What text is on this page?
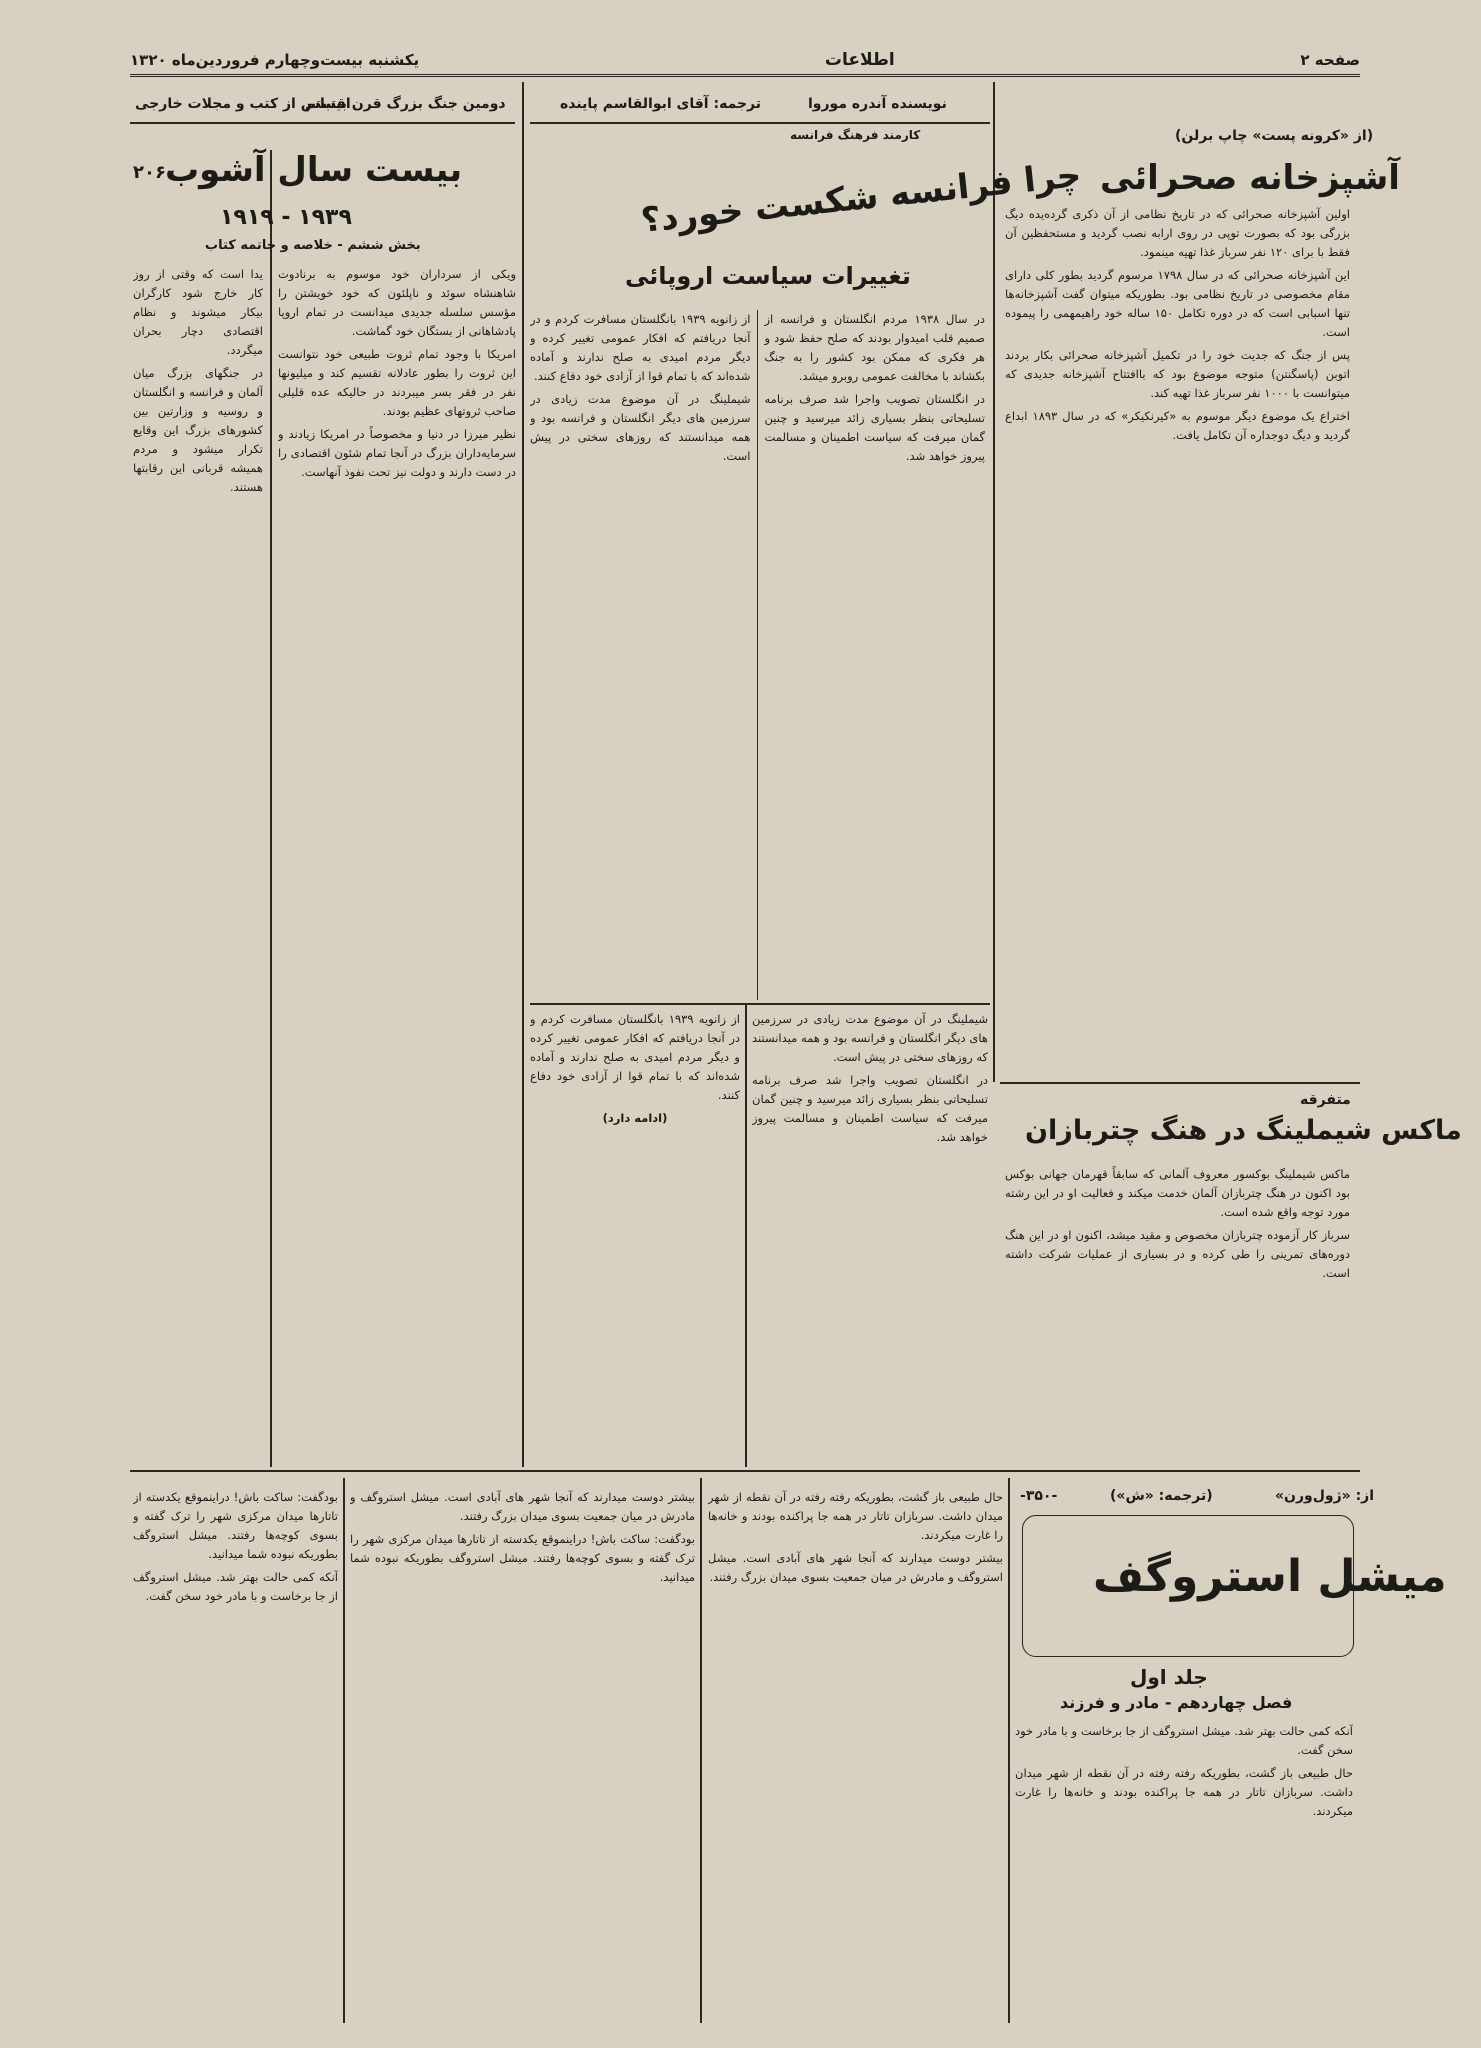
صفحه ۲
اطلاعات
یکشنبه بیست‌وچهارم فروردین‌ماه ۱۳۲۰
(از «کرونه پست» چاپ برلن)
آشپزخانه صحرائی

اولین آشپزخانه صحرائی که در تاریخ نظامی از آن ذکری گرده‌یده دیگ بزرگی بود که بصورت توپی در روی ارابه نصب گردید و مستحفظین آن فقط با برای ۱۲۰ نفر سرباز غذا تهیه مینمود.

این آشپزخانه صحرائی که در سال ۱۷۹۸ مرسوم گردید بطور کلی دارای مقام مخصوصی در تاریخ نظامی بود. بطوریکه میتوان گفت آشپزخانه‌ها تنها اسبابی است که در دوره تکامل ۱۵۰ ساله خود راهیمهمی را پیموده است.

پس از جنگ که جدیت خود را در تکمیل آشپزخانه صحرائی بکار بردند اتوبن (پاسگنتن) متوجه موضوع بود که باافتتاح آشپزخانه جدیدی که میتوانست با ۱۰۰۰ نفر سرباز غذا تهیه کند.

اختراع یک موضوع دیگر موسوم به «کیرنکیکر» که در سال ۱۸۹۳ ابداع گردید و دیگ دوجداره آن تکامل یافت.

متفرقه
ماکس شیملینگ در هنگ چتربازان

ماکس شیملینگ بوکسور معروف آلمانی که سابقاً قهرمان جهانی بوکس بود اکنون در هنگ چتربازان آلمان خدمت میکند و فعالیت او در این رشته مورد توجه واقع شده است.

سرباز کار آزموده چتربازان مخصوص و مقید میشد، اکنون او در این هنگ دوره‌های تمرینی را طی کرده و در بسیاری از عملیات شرکت داشته است.

نویسنده آندره موروا
ترجمه: آقای ابوالقاسم پاینده
کارمند فرهنگ فرانسه
چرا فرانسه شکست خورد؟
تغییرات سیاست اروپائی

در سال ۱۹۳۸ مردم انگلستان و فرانسه از صمیم قلب امیدوار بودند که صلح حفظ شود و هر فکری که ممکن بود کشور را به جنگ بکشاند با مخالفت عمومی روبرو میشد.

در انگلستان تصویب واجرا شد صرف برنامه تسلیحاتی بنظر بسیاری زائد میرسید و چنین گمان میرفت که سیاست اطمینان و مسالمت پیروز خواهد شد.

از زانویه ۱۹۳۹ بانگلستان مسافرت کردم و در آنجا دریافتم که افکار عمومی تغییر کرده و دیگر مردم امیدی به صلح ندارند و آماده شده‌اند که با تمام قوا از آزادی خود دفاع کنند.

شیملینگ در آن موضوع مدت زیادی در سرزمین های دیگر انگلستان و فرانسه بود و همه میدانستند که روزهای سختی در پیش است.

از زانویه ۱۹۳۹ بانگلستان مسافرت کردم و در آنجا دریافتم که افکار عمومی تغییر کرده و دیگر مردم امیدی به صلح ندارند و آماده شده‌اند که با تمام قوا از آزادی خود دفاع کنند.

(ادامه دارد)

شیملینگ در آن موضوع مدت زیادی در سرزمین های دیگر انگلستان و فرانسه بود و همه میدانستند که روزهای سختی در پیش است.

در انگلستان تصویب واجرا شد صرف برنامه تسلیحاتی بنظر بسیاری زائد میرسید و چنین گمان میرفت که سیاست اطمینان و مسالمت پیروز خواهد شد.

دومین جنگ بزرگ قرن بیستم
اقتباس از کتب و مجلات خارجی
بیست سال آشوب
۲۰۶
۱۹۳۹ - ۱۹۱۹
بخش ششم - خلاصه و خاتمه کتاب

ویکی از سرداران خود موسوم به برنادوت شاهنشاه سوئد و ناپلئون که خود خویشتن را مؤسس سلسله جدیدی میدانست در تمام اروپا پادشاهانی از بستگان خود گماشت.

امریکا با وجود تمام ثروت طبیعی خود نتوانست این ثروت را بطور عادلانه تقسیم کند و میلیونها نفر در فقر بسر میبردند در حالیکه عده قلیلی صاحب ثروتهای عظیم بودند.

نظیر میرزا در دنیا و مخصوصاً در امریکا زیادند و سرمایه‌داران بزرگ در آنجا تمام شئون اقتصادی را در دست دارند و دولت نیز تحت نفوذ آنهاست.

یدا است که وقتی از روز کار خارج شود کارگران بیکار میشوند و نظام اقتصادی دچار بحران میگردد.

در جنگهای بزرگ میان آلمان و فرانسه و انگلستان و روسیه و وزارتین بین کشورهای بزرگ این وقایع تکرار میشود و مردم همیشه قربانی این رقابتها هستند.

از: «ژول‌ورن»
(ترجمه: «ش»)
-۳۵۰-
میشل استروگف
جلد اول
فصل چهاردهم - مادر و فرزند

آنکه کمی حالت بهتر شد. میشل استروگف از جا برخاست و با مادر خود سخن گفت.

حال طبیعی باز گشت، بطوریکه رفته رفته در آن نقطه از شهر میدان داشت. سربازان تاتار در همه جا پراکنده بودند و خانه‌ها را غارت میکردند.

حال طبیعی باز گشت، بطوریکه رفته رفته در آن نقطه از شهر میدان داشت. سربازان تاتار در همه جا پراکنده بودند و خانه‌ها را غارت میکردند.

بیشتر دوست میدارند که آنجا شهر های آبادی است. میشل استروگف و مادرش در میان جمعیت بسوی میدان بزرگ رفتند.

بیشتر دوست میدارند که آنجا شهر های آبادی است. میشل استروگف و مادرش در میان جمعیت بسوی میدان بزرگ رفتند.

بودگفت: ساکت باش! دراینموقع یکدسته از تاتارها میدان مرکزی شهر را ترک گفته و بسوی کوچه‌ها رفتند. میشل استروگف بطوریکه نبوده شما میدانید.

بودگفت: ساکت باش! دراینموقع یکدسته از تاتارها میدان مرکزی شهر را ترک گفته و بسوی کوچه‌ها رفتند. میشل استروگف بطوریکه نبوده شما میدانید.

آنکه کمی حالت بهتر شد. میشل استروگف از جا برخاست و با مادر خود سخن گفت.
